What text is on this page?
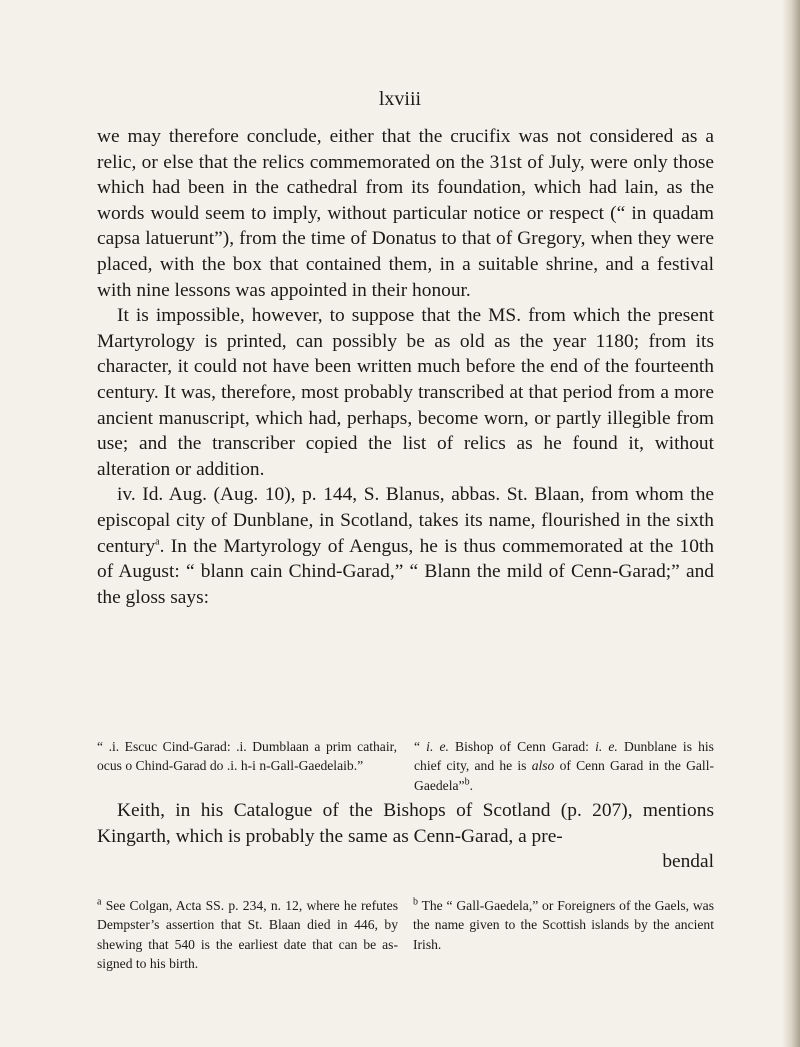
lxviii

we may therefore conclude, either that the crucifix was not considered as a relic, or else that the relics commemorated on the 31st of July, were only those which had been in the cathedral from its foundation, which had lain, as the words would seem to imply, without particular notice or respect (“ in quadam capsa latuerunt”), from the time of Donatus to that of Gregory, when they were placed, with the box that contained them, in a suitable shrine, and a festival with nine lessons was appointed in their honour.

It is impossible, however, to suppose that the MS. from which the present Martyrology is printed, can possibly be as old as the year 1180; from its character, it could not have been written much before the end of the fourteenth century. It was, therefore, most probably transcribed at that period from a more ancient manuscript, which had, perhaps, become worn, or partly illegible from use; and the transcriber copied the list of relics as he found it, without alteration or addition.

iv. Id. Aug. (Aug. 10), p. 144, S. Blanus, abbas. St. Blaan, from whom the episcopal city of Dunblane, in Scotland, takes its name, flourished in the sixth century$^a$. In the Martyrology of Aengus, he is thus commemorated at the 10th of August: “ blann cain Chind-Garad,” “ Blann the mild of Cenn-Garad;” and the gloss says:

“ .i. Escuc Cind-Garad: .i. Dumblaan a prim cathair, ocus o Chind-Garad do .i. h-i n-Gall-Gaedelaib.”
“ i. e. Bishop of Cenn Garad: i. e. Dunblane is his chief city, and he is also of Cenn Garad in the Gall-Gaedela”$^b$.

Keith, in his Catalogue of the Bishops of Scotland (p. 207), mentions Kingarth, which is probably the same as Cenn-Garad, a pre-

bendal
$^a$ See Colgan, Acta SS. p. 234, n. 12, where he refutes Dempster’s assertion that St. Blaan died in 446, by shewing that 540 is the earliest date that can be as- signed to his birth.
$^b$ The “ Gall-Gaedela,” or Foreigners of the Gaels, was the name given to the Scottish islands by the ancient Irish.
